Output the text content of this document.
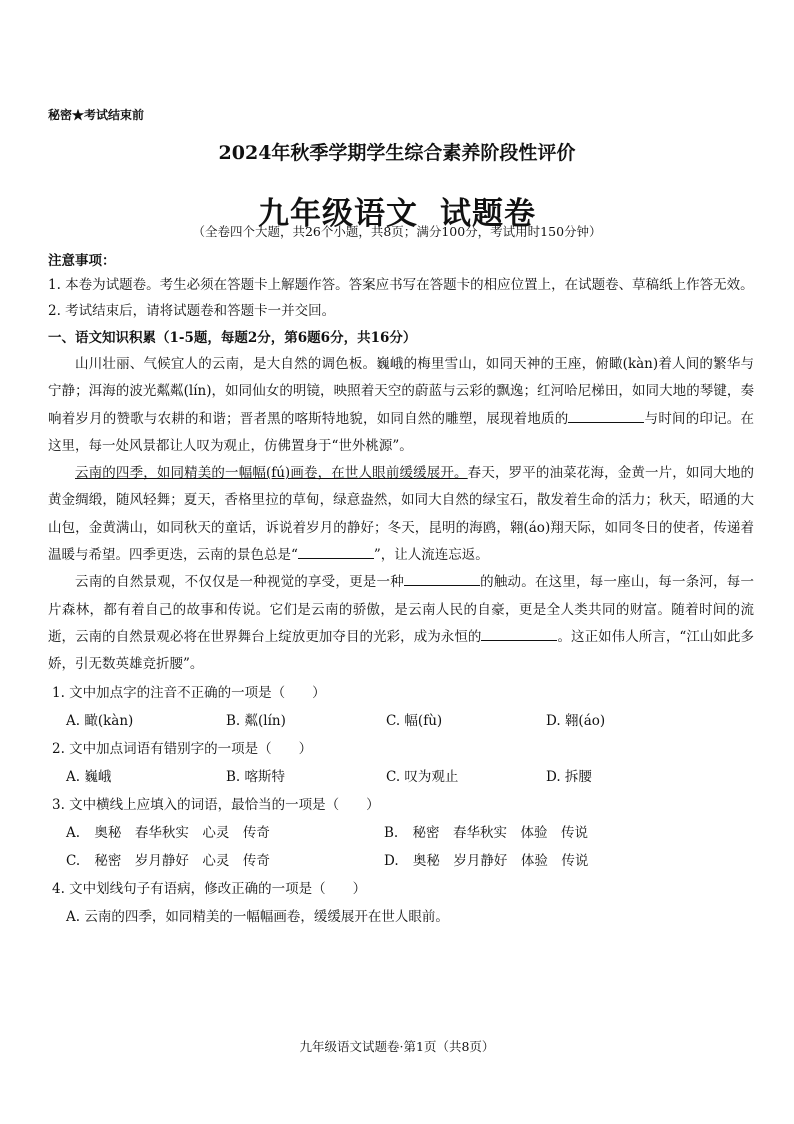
秘密★考试结束前
2024年秋季学期学生综合素养阶段性评价
九年级语文 试题卷
（全卷四个大题，共26个小题，共8页；满分100分，考试用时150分钟）
注意事项：
1. 本卷为试题卷。考生必须在答题卡上解题作答。答案应书写在答题卡的相应位置上，在试题卷、草稿纸上作答无效。
2. 考试结束后，请将试题卷和答题卡一并交回。
一、语文知识积累（1-5题，每题2分，第6题6分，共16分）
山川壮丽、气候宜人的云南，是大自然的调色板。巍峨的梅里雪山，如同天神的王座，俯瞰(kàn)着人间的繁华与宁静；洱海的波光粼粼(lín)，如同仙女的明镜，映照着天空的蔚蓝与云彩的飘逸；红河哈尼梯田，如同大地的琴键，奏响着岁月的赞歌与农耕的和谐；晋者黑的喀斯特地貌，如同自然的雕塑，展现着地质的	与时间的印记。在这里，每一处风景都让人叹为观止，仿佛置身于“世外桃源”。
云南的四季，如同精美的一幅幅(fú)画卷，在世人眼前缓缓展开。春天，罗平的油菜花海，金黄一片，如同大地的黄金绸缎，随风轻舞；夏天，香格里拉的草甸，绿意盎然，如同大自然的绿宝石，散发着生命的活力；秋天，昭通的大山包，金黄满山，如同秋天的童话，诉说着岁月的静好；冬天，昆明的海鸥，翱(áo)翔天际，如同冬日的使者，传递着温暖与希望。四季更迭，云南的景色总是“	”，让人流连忘返。
云南的自然景观，不仅仅是一种视觉的享受，更是一种	的触动。在这里，每一座山，每一条河，每一片森林，都有着自己的故事和传说。它们是云南的骄傲，是云南人民的自豪，更是全人类共同的财富。随着时间的流逝，云南的自然景观必将在世界舞台上绽放更加夺目的光彩，成为永恒的	。这正如伟人所言，“江山如此多娇，引无数英雄竞折腰”。
1. 文中加点字的注音不正确的一项是（　　）
A. 瞰(kàn)	B. 粼(lín)	C. 幅(fù)	D. 翱(áo)
2. 文中加点词语有错别字的一项是（　　）
A. 巍峨	B. 喀斯特	C. 叹为观止	D. 拆腰
3. 文中横线上应填入的词语，最恰当的一项是（　　）
A. 奥秘　春华秋实　心灵　传奇	B. 秘密　春华秋实　体验　传说
C. 秘密　岁月静好　心灵　传奇	D. 奥秘　岁月静好　体验　传说
4. 文中划线句子有语病，修改正确的一项是（　　）
A. 云南的四季，如同精美的一幅幅画卷，缓缓展开在世人眼前。
九年级语文试题卷·第1页（共8页）
